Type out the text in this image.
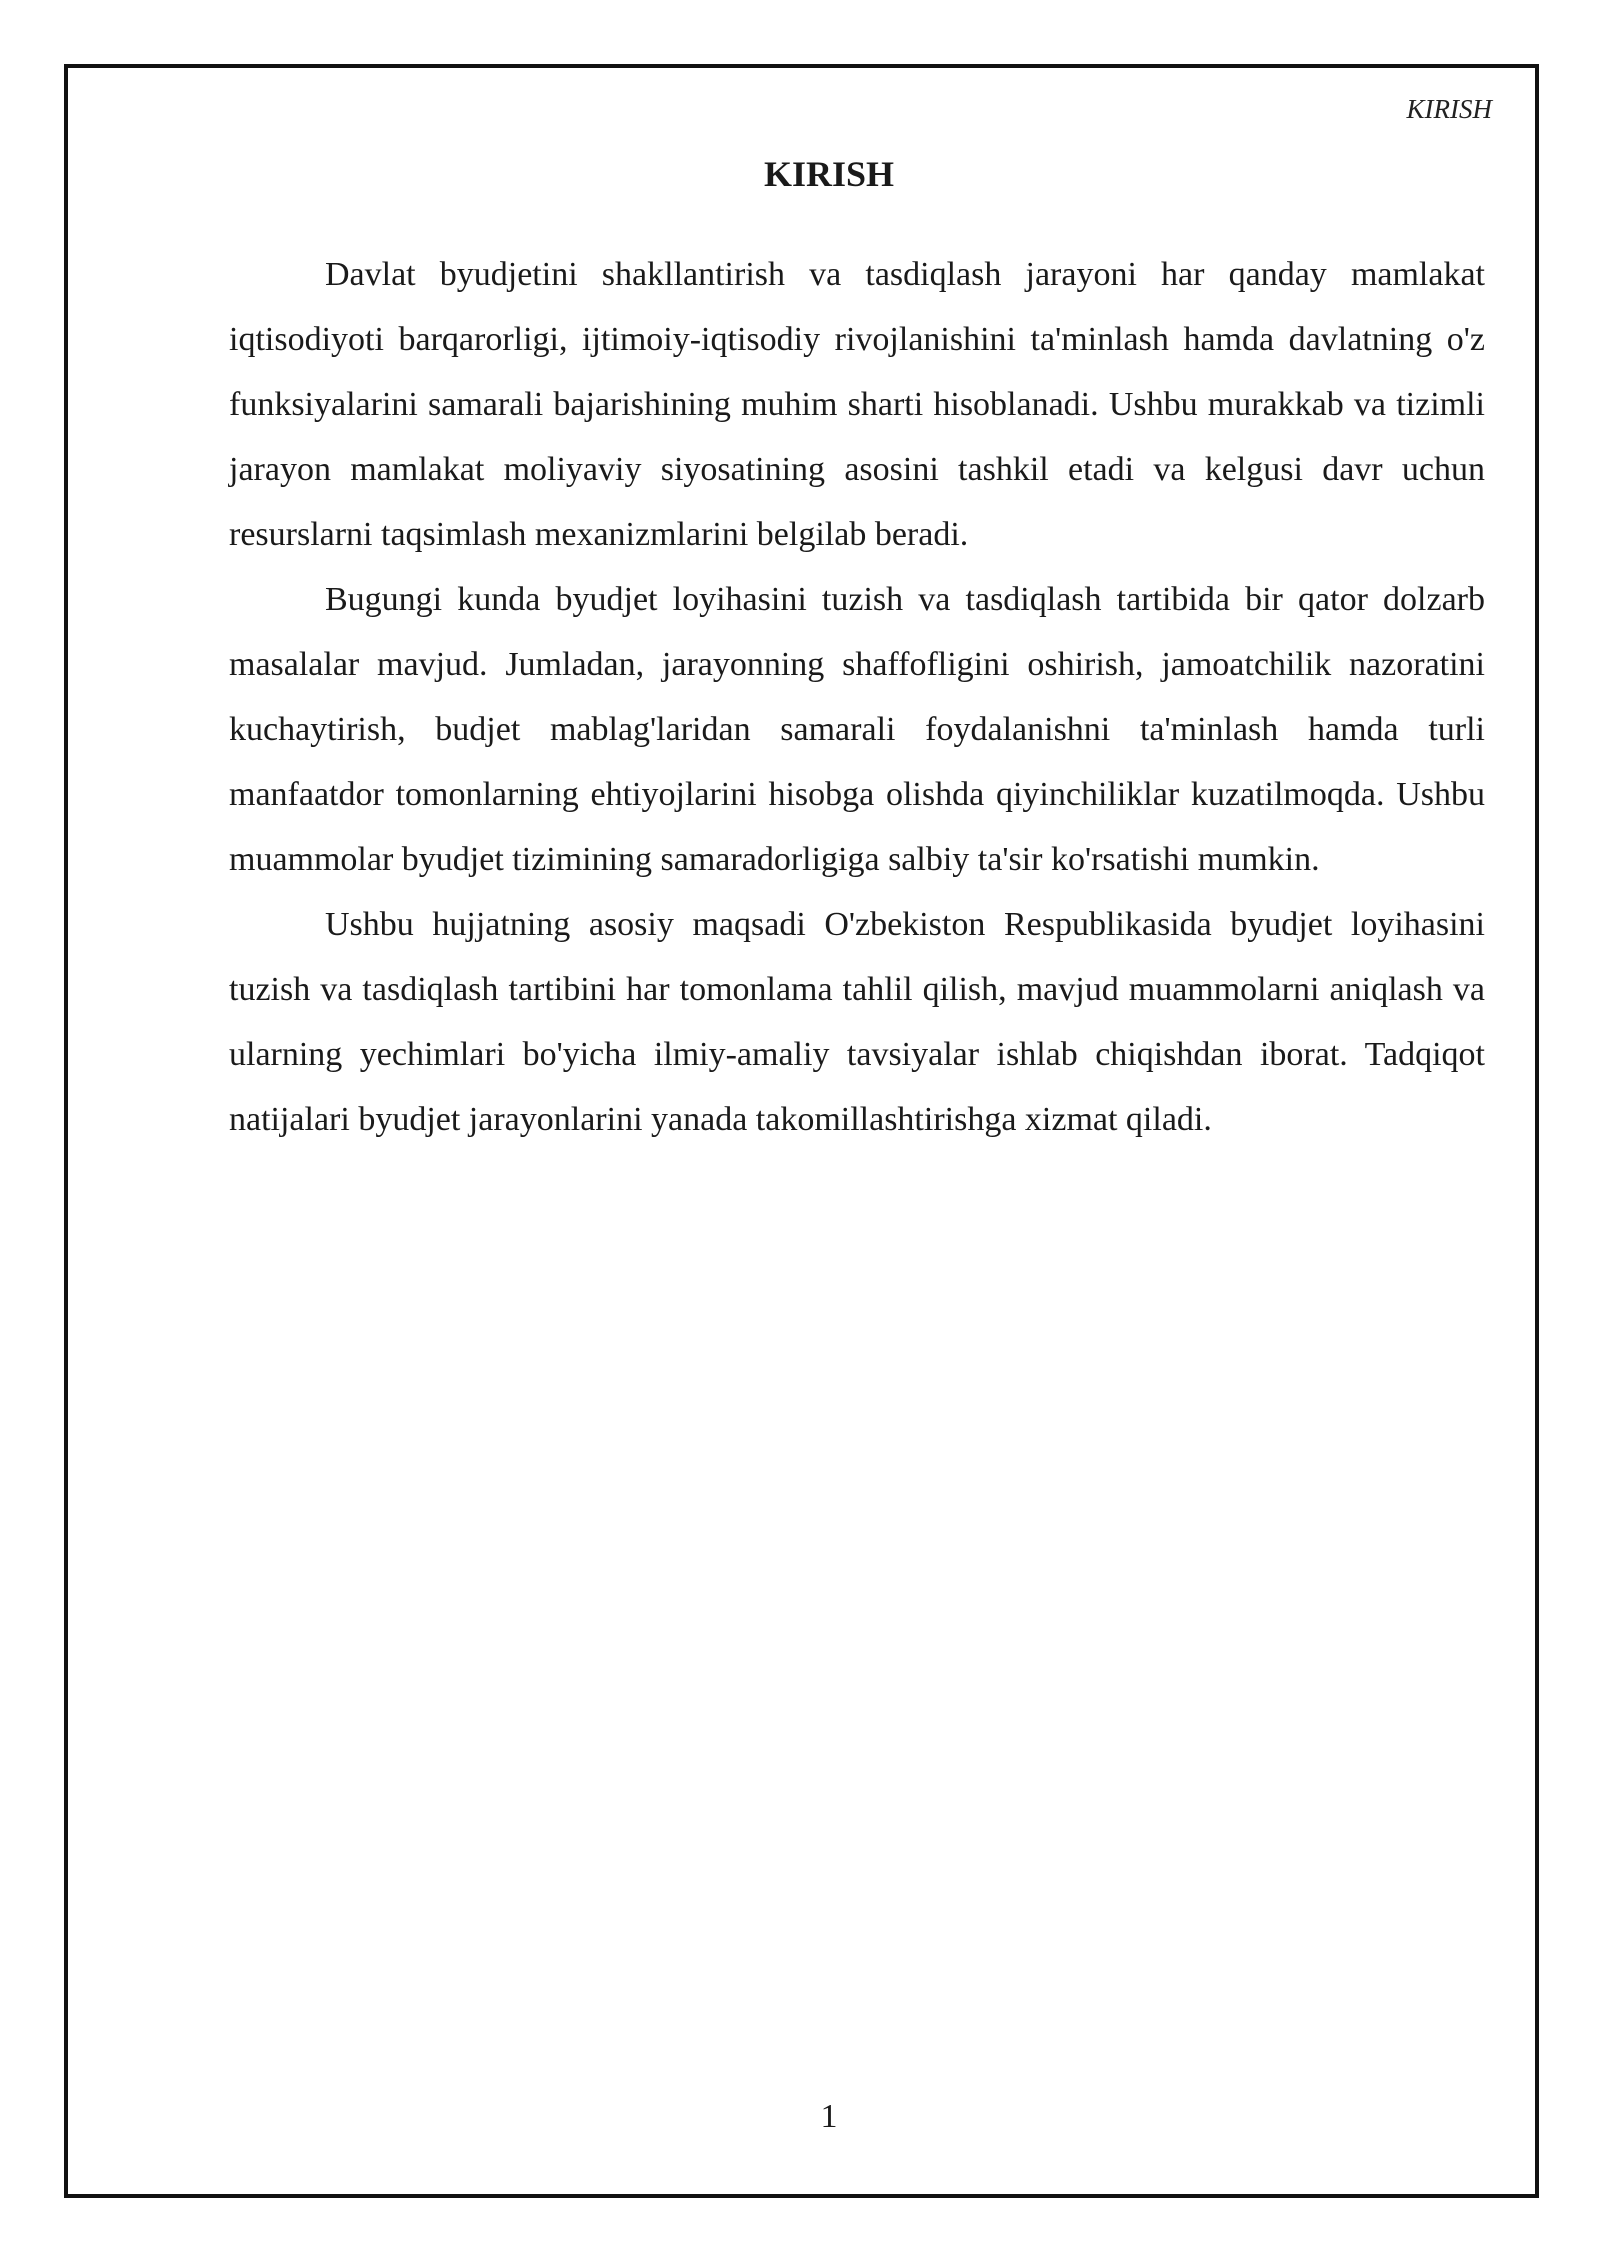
KIRISH
KIRISH

Davlat byudjetini shakllantirish va tasdiqlash jarayoni har qanday mamlakat iqtisodiyoti barqarorligi, ijtimoiy-iqtisodiy rivojlanishini ta'minlash hamda davlatning o'z funksiyalarini samarali bajarishining muhim sharti hisoblanadi. Ushbu murakkab va tizimli jarayon mamlakat moliyaviy siyosatining asosini tashkil etadi va kelgusi davr uchun resurslarni taqsimlash mexanizmlarini belgilab beradi.

Bugungi kunda byudjet loyihasini tuzish va tasdiqlash tartibida bir qator dolzarb masalalar mavjud. Jumladan, jarayonning shaffofligini oshirish, jamoatchilik nazoratini kuchaytirish, budjet mablag'laridan samarali foydalanishni ta'minlash hamda turli manfaatdor tomonlarning ehtiyojlarini hisobga olishda qiyinchiliklar kuzatilmoqda. Ushbu muammolar byudjet tizimining samaradorligiga salbiy ta'sir ko'rsatishi mumkin.

Ushbu hujjatning asosiy maqsadi O'zbekiston Respublikasida byudjet loyihasini tuzish va tasdiqlash tartibini har tomonlama tahlil qilish, mavjud muammolarni aniqlash va ularning yechimlari bo'yicha ilmiy-amaliy tavsiyalar ishlab chiqishdan iborat. Tadqiqot natijalari byudjet jarayonlarini yanada takomillashtirishga xizmat qiladi.

1
